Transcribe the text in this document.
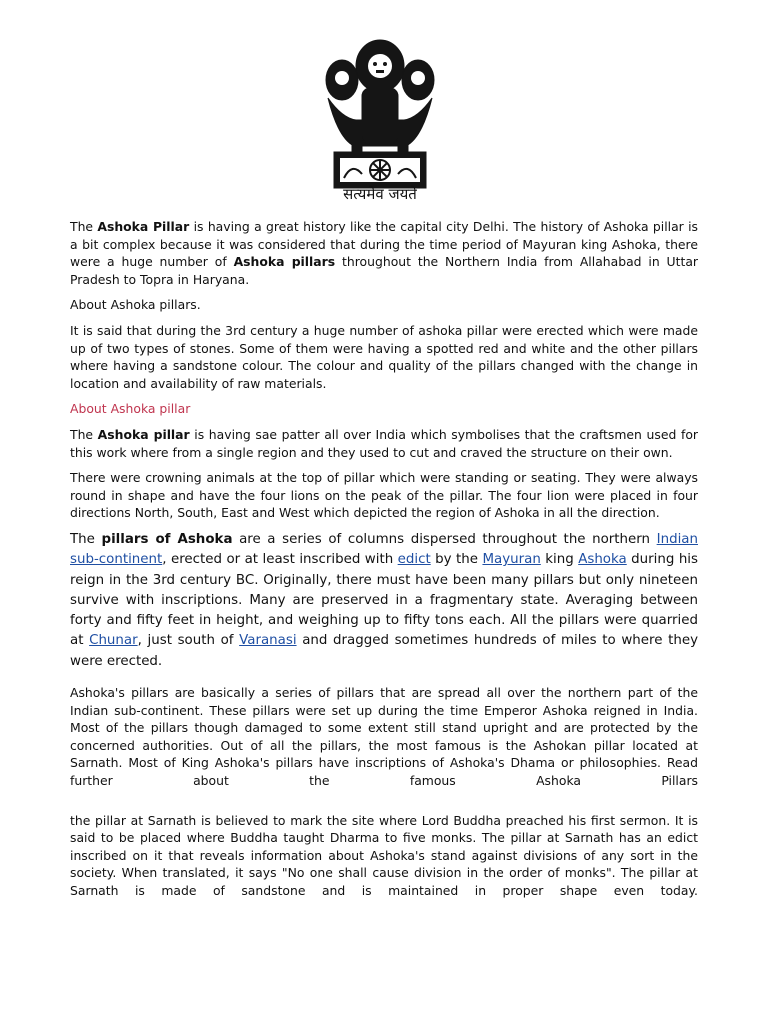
सत्यमेव जयते

The Ashoka Pillar is having a great history like the capital city Delhi. The history of Ashoka pillar is a bit complex because it was considered that during the time period of Mayuran king Ashoka, there were a huge number of Ashoka pillars throughout the Northern India from Allahabad in Uttar Pradesh to Topra in Haryana.

About Ashoka pillars.

It is said that during the 3rd century a huge number of ashoka pillar were erected which were made up of two types of stones. Some of them were having a spotted red and white and the other pillars where having a sandstone colour. The colour and quality of the pillars changed with the change in location and availability of raw materials.

About Ashoka pillar

The Ashoka pillar is having sae patter all over India which symbolises that the craftsmen used for this work where from a single region and they used to cut and craved the structure on their own.

There were crowning animals at the top of pillar which were standing or seating. They were always round in shape and have the four lions on the peak of the pillar. The four lion were placed in four directions North, South, East and West which depicted the region of Ashoka in all the direction.

The pillars of Ashoka are a series of columns dispersed throughout the northern Indian sub-continent, erected or at least inscribed with edict by the Mayuran king Ashoka during his reign in the 3rd century BC. Originally, there must have been many pillars but only nineteen survive with inscriptions. Many are preserved in a fragmentary state. Averaging between forty and fifty feet in height, and weighing up to fifty tons each. All the pillars were quarried at Chunar, just south of Varanasi and dragged sometimes hundreds of miles to where they were erected.

Ashoka's pillars are basically a series of pillars that are spread all over the northern part of the Indian sub-continent. These pillars were set up during the time Emperor Ashoka reigned in India. Most of the pillars though damaged to some extent still stand upright and are protected by the concerned authorities. Out of all the pillars, the most famous is the Ashokan pillar located at Sarnath. Most of King Ashoka's pillars have inscriptions of Ashoka's Dhama or philosophies. Read further about the famous Ashoka Pillars

the pillar at Sarnath is believed to mark the site where Lord Buddha preached his first sermon. It is said to be placed where Buddha taught Dharma to five monks. The pillar at Sarnath has an edict inscribed on it that reveals information about Ashoka's stand against divisions of any sort in the society. When translated, it says "No one shall cause division in the order of monks". The pillar at Sarnath is made of sandstone and is maintained in proper shape even today.
